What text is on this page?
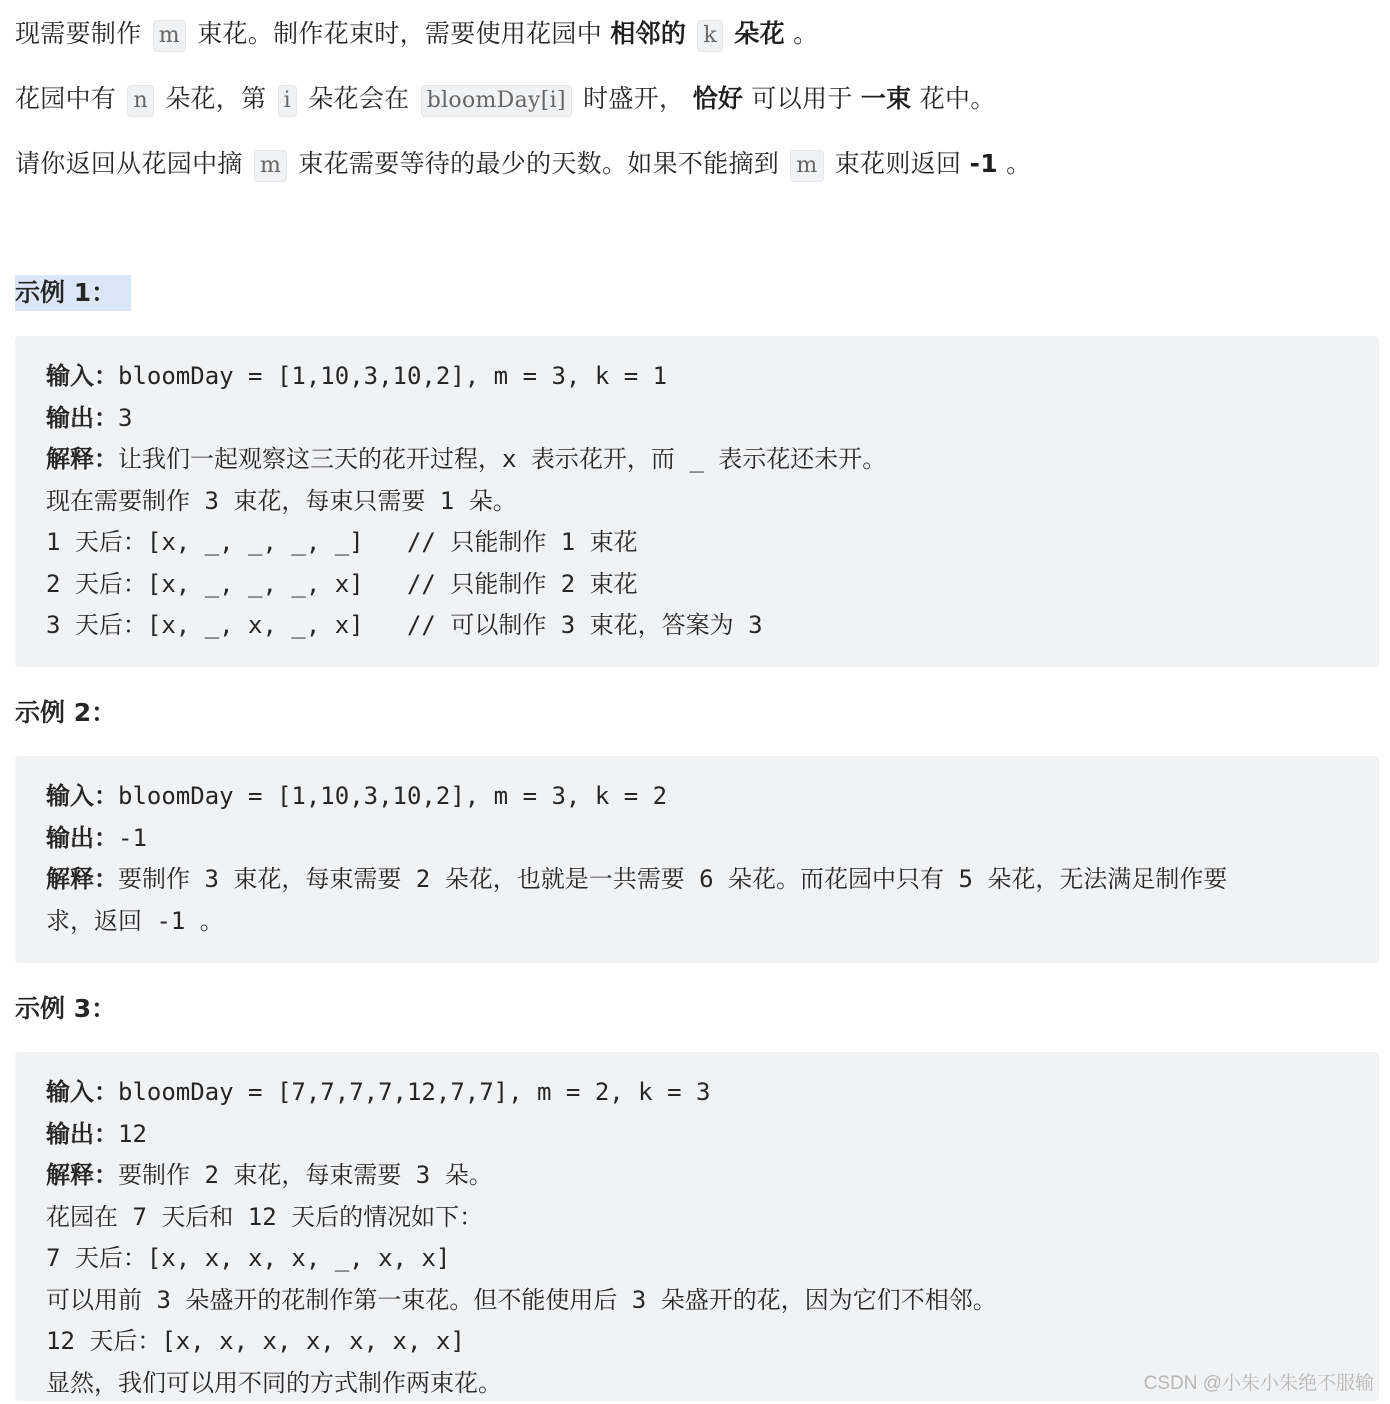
现需要制作 m 束花。制作花束时，需要使用花园中 相邻的 k 朵花 。
花园中有 n 朵花，第 i 朵花会在 bloomDay[i] 时盛开， 恰好 可以用于 一束 花中。
请你返回从花园中摘 m 束花需要等待的最少的天数。如果不能摘到 m 束花则返回 -1 。
示例 1：
输入：bloomDay = [1,10,3,10,2], m = 3, k = 1
输出：3
解释：让我们一起观察这三天的花开过程，x 表示花开，而 _ 表示花还未开。
现在需要制作 3 束花，每束只需要 1 朵。
1 天后：[x, _, _, _, _]   // 只能制作 1 束花
2 天后：[x, _, _, _, x]   // 只能制作 2 束花
3 天后：[x, _, x, _, x]   // 可以制作 3 束花，答案为 3
示例 2：
输入：bloomDay = [1,10,3,10,2], m = 3, k = 2
输出：-1
解释：要制作 3 束花，每束需要 2 朵花，也就是一共需要 6 朵花。而花园中只有 5 朵花，无法满足制作要
求，返回 -1 。
示例 3：
输入：bloomDay = [7,7,7,7,12,7,7], m = 2, k = 3
输出：12
解释：要制作 2 束花，每束需要 3 朵。
花园在 7 天后和 12 天后的情况如下：
7 天后：[x, x, x, x, _, x, x]
可以用前 3 朵盛开的花制作第一束花。但不能使用后 3 朵盛开的花，因为它们不相邻。
12 天后：[x, x, x, x, x, x, x]
显然，我们可以用不同的方式制作两束花。	CSDN @小朱小朱绝不服输
